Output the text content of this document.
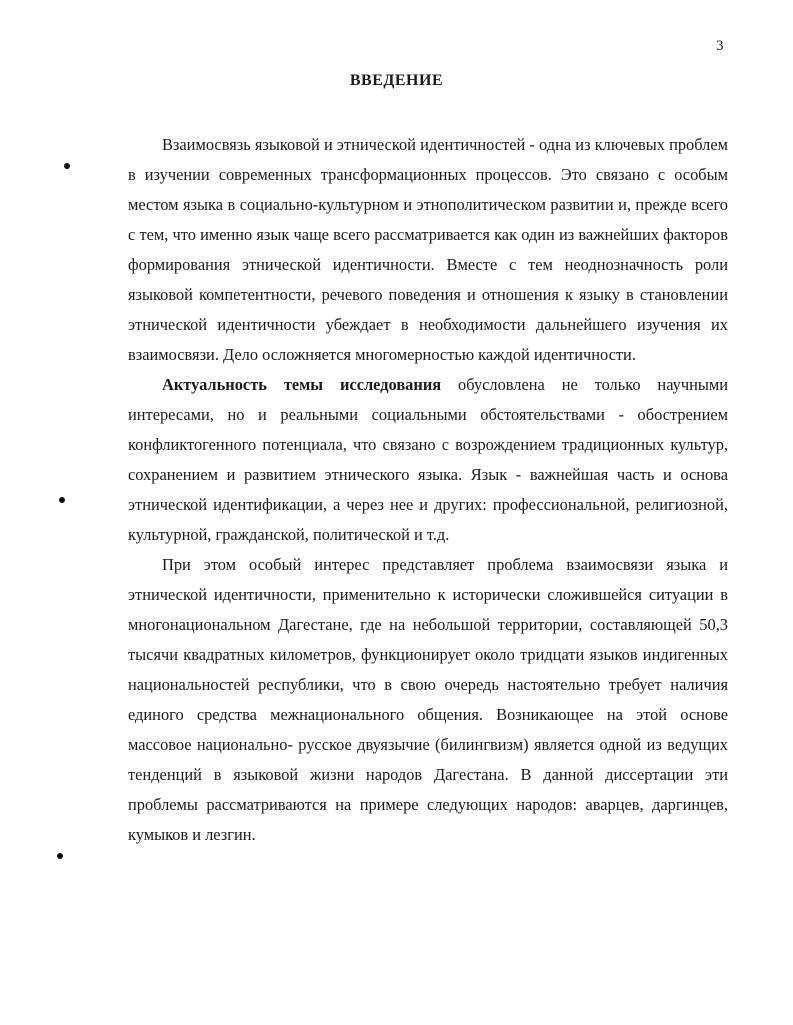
3
ВВЕДЕНИЕ

Взаимосвязь языковой и этнической идентичностей - одна из ключевых проблем в изучении современных трансформационных процессов. Это связано с особым местом языка в социально-культурном и этнополитическом развитии и, прежде всего с тем, что именно язык чаще всего рассматривается как один из важнейших факторов формирования этнической идентичности. Вместе с тем неоднозначность роли языковой компетентности, речевого поведения и отношения к языку в становлении этнической идентичности убеждает в необходимости дальнейшего изучения их взаимосвязи. Дело осложняется многомерностью каждой идентичности.

Актуальность темы исследования обусловлена не только научными интересами, но и реальными социальными обстоятельствами - обострением конфликтогенного потенциала, что связано с возрождением традиционных культур, сохранением и развитием этнического языка. Язык - важнейшая часть и основа этнической идентификации, а через нее и других: профессиональной, религиозной, культурной, гражданской, политической и т.д.

При этом особый интерес представляет проблема взаимосвязи языка и этнической идентичности, применительно к исторически сложившейся ситуации в многонациональном Дагестане, где на небольшой территории, составляющей 50,3 тысячи квадратных километров, функционирует около тридцати языков индигенных национальностей республики, что в свою очередь настоятельно требует наличия единого средства межнационального общения. Возникающее на этой основе массовое национально- русское двуязычие (билингвизм) является одной из ведущих тенденций в языковой жизни народов Дагестана. В данной диссертации эти проблемы рассматриваются на примере следующих народов: аварцев, даргинцев, кумыков и лезгин.
